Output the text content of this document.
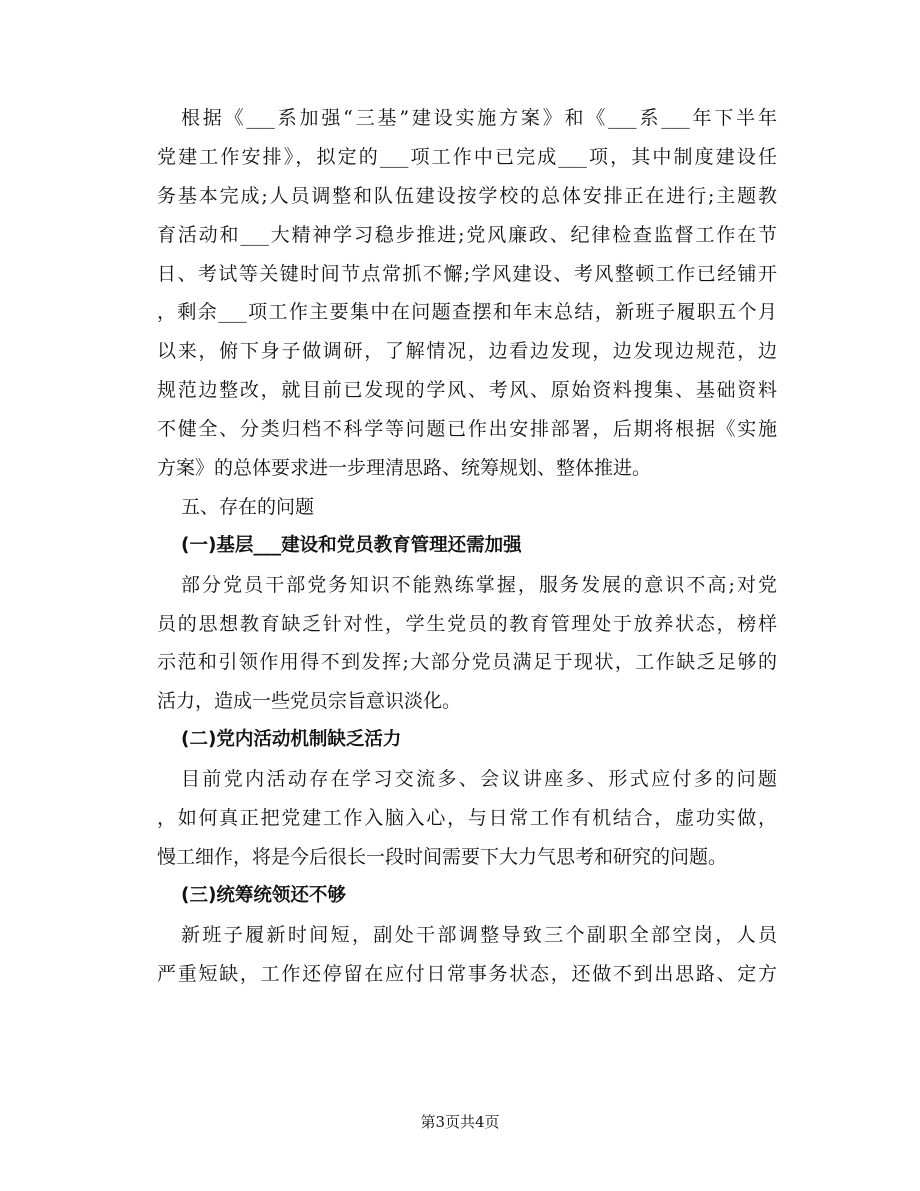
根据《___系加强“三基”建设实施方案》和《___系___年下半年
党建工作安排》，拟定的___项工作中已完成___项，其中制度建设任
务基本完成;人员调整和队伍建设按学校的总体安排正在进行;主题教
育活动和___大精神学习稳步推进;党风廉政、纪律检查监督工作在节
日、考试等关键时间节点常抓不懈;学风建设、考风整顿工作已经铺开
，剩余___项工作主要集中在问题查摆和年末总结，新班子履职五个月
以来，俯下身子做调研，了解情况，边看边发现，边发现边规范，边
规范边整改，就目前已发现的学风、考风、原始资料搜集、基础资料
不健全、分类归档不科学等问题已作出安排部署，后期将根据《实施
方案》的总体要求进一步理清思路、统筹规划、整体推进。
五、存在的问题
(一)基层___建设和党员教育管理还需加强
部分党员干部党务知识不能熟练掌握，服务发展的意识不高;对党
员的思想教育缺乏针对性，学生党员的教育管理处于放养状态，榜样
示范和引领作用得不到发挥;大部分党员满足于现状，工作缺乏足够的
活力，造成一些党员宗旨意识淡化。
(二)党内活动机制缺乏活力
目前党内活动存在学习交流多、会议讲座多、形式应付多的问题
，如何真正把党建工作入脑入心，与日常工作有机结合，虚功实做，
慢工细作，将是今后很长一段时间需要下大力气思考和研究的问题。
(三)统筹统领还不够
新班子履新时间短，副处干部调整导致三个副职全部空岗，人员
严重短缺，工作还停留在应付日常事务状态，还做不到出思路、定方
第3页共4页
